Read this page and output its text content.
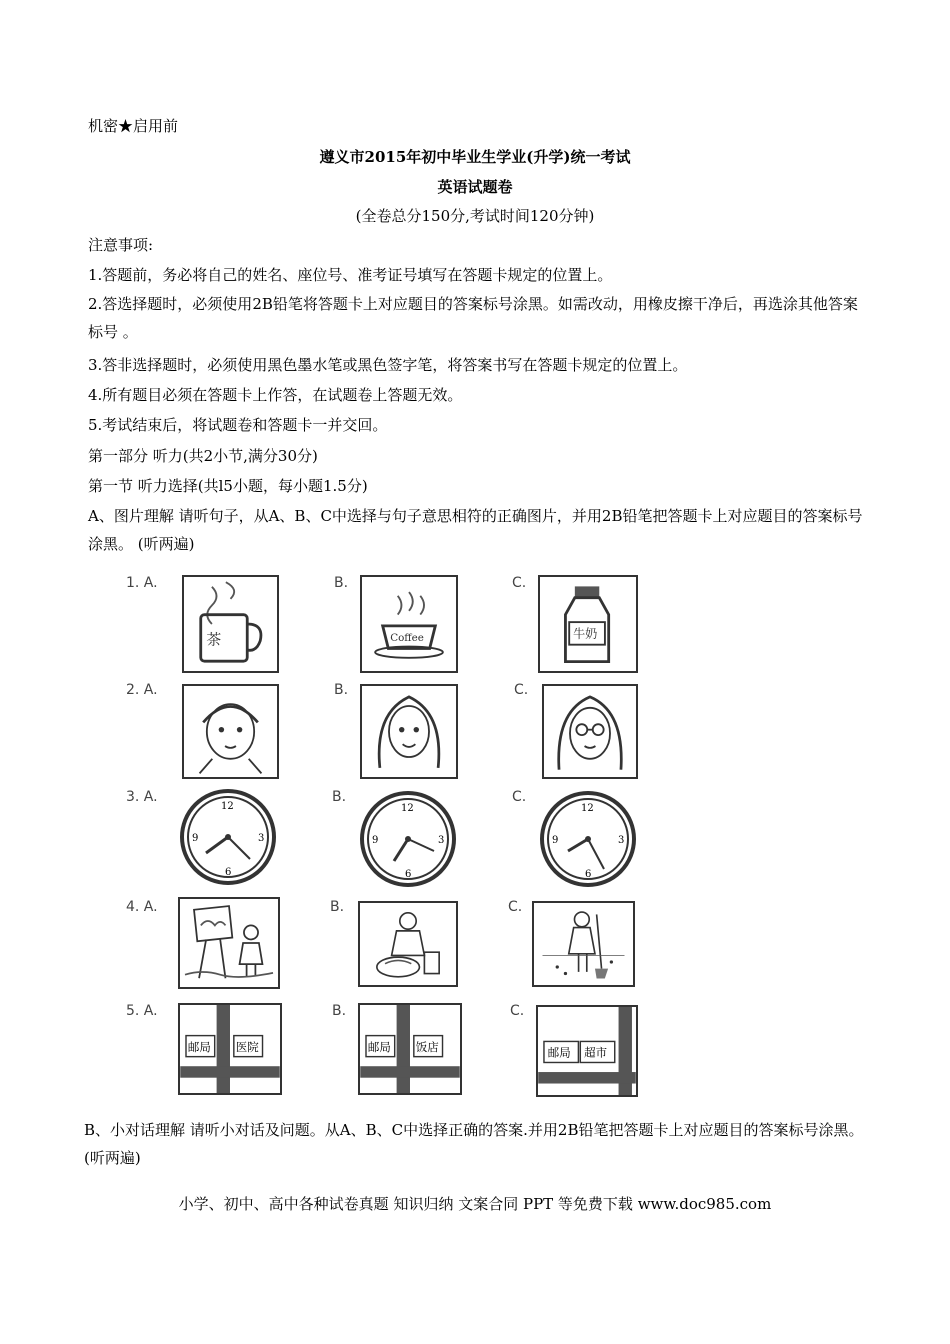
机密★启用前
遵义市2015年初中毕业生学业(升学)统一考试
英语试题卷
(全卷总分150分,考试时间120分钟)
注意事项:
1.答题前，务必将自己的姓名、座位号、准考证号填写在答题卡规定的位置上。
2.答选择题时，必须使用2B铅笔将答题卡上对应题目的答案标号涂黑。如需改动，用橡皮擦干净后，再选涂其他答案标号 。
3.答非选择题时，必须使用黑色墨水笔或黑色签字笔，将答案书写在答题卡规定的位置上。
4.所有题目必须在答题卡上作答，在试题卷上答题无效。
5.考试结束后，将试题卷和答题卡一并交回。
第一部分 听力(共2小节,满分30分)
第一节 听力选择(共l5小题，每小题1.5分)
A、图片理解 请听句子，从A、B、C中选择与句子意思相符的正确图片，并用2B铅笔把答题卡上对应题目的答案标号涂黑。 (听两遍)
1. A.
茶
B.
Coffee
C.
牛奶
2. A.	B.	C.
3. A.
12
3
6
9
B.
12
3
6
9
C.
12
3
6
9
4. A.	B.	C.
5. A.
邮局 医院
B.
邮局 饭店
C.
邮局 超市
B、小对话理解 请听小对话及问题。从A、B、C中选择正确的答案.并用2B铅笔把答题卡上对应题目的答案标号涂黑。 (听两遍)
小学、初中、高中各种试卷真题 知识归纳 文案合同 PPT 等免费下载 www.doc985.com
